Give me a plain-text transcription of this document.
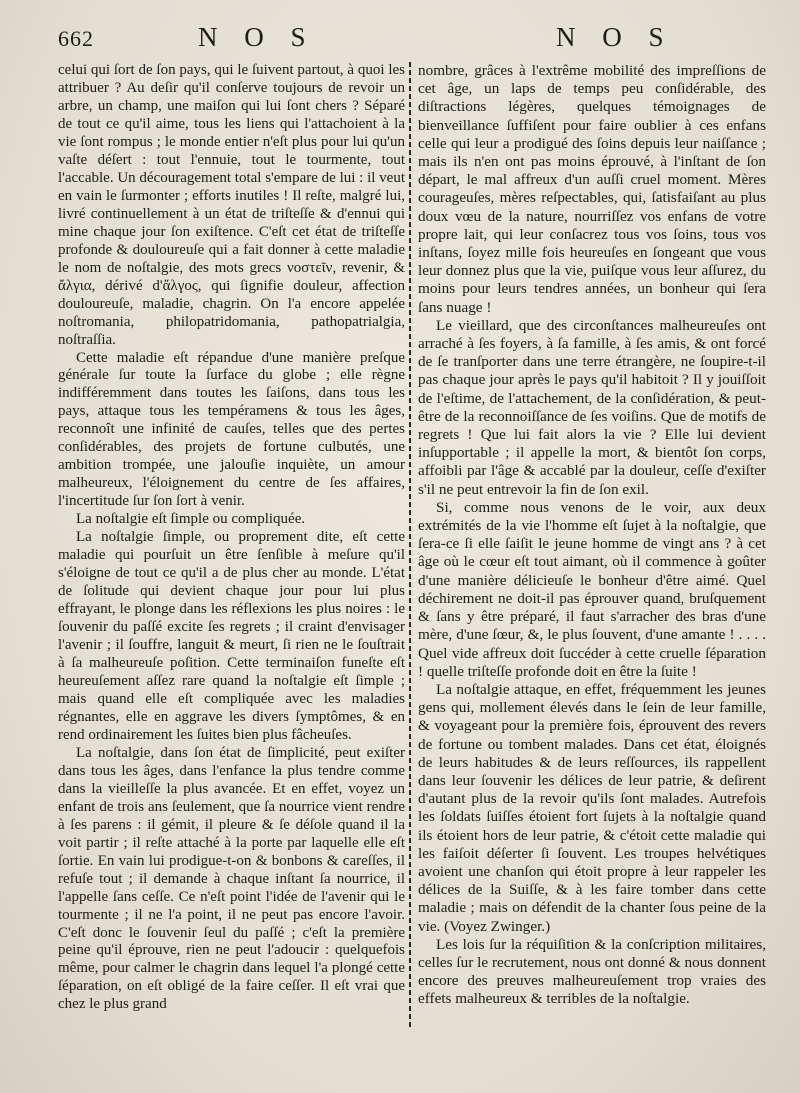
662	N O S	N O S

celui qui ſort de ſon pays, qui le ſuivent partout, à quoi les attribuer ? Au deſir qu'il conſerve toujours de revoir un arbre, un champ, une maiſon qui lui ſont chers ? Séparé de tout ce qu'il aime, tous les liens qui l'attachoient à la vie ſont rompus ; le monde entier n'eſt plus pour lui qu'un vaſte déſert : tout l'ennuie, tout le tourmente, tout l'accable. Un découragement total s'empare de lui : il veut en vain le ſurmonter ; efforts inutiles ! Il reſte, malgré lui, livré continuellement à un état de triſteſſe & d'ennui qui mine chaque jour ſon exiſtence. C'eſt cet état de triſteſſe profonde & douloureuſe qui a fait donner à cette maladie le nom de noſtalgie, des mots grecs νοστεῖν, revenir, & ἄλγια, dérivé d'ἄλγος, qui ſignifie douleur, affection douloureuſe, maladie, chagrin. On l'a encore appelée noſtromania, philopatridomania, pathopatrialgia, noſtraſſia.

Cette maladie eſt répandue d'une manière preſque générale ſur toute la ſurface du globe ; elle règne indifféremment dans toutes les ſaiſons, dans tous les pays, attaque tous les tempéramens & tous les âges, reconnoît une infinité de cauſes, telles que des pertes conſidérables, des projets de fortune culbutés, une ambition trompée, une jalouſie inquiète, un amour malheureux, l'éloignement du centre de ſes affaires, l'incertitude ſur ſon ſort à venir.

La noſtalgie eſt ſimple ou compliquée.

La noſtalgie ſimple, ou proprement dite, eſt cette maladie qui pourſuit un être ſenſible à meſure qu'il s'éloigne de tout ce qu'il a de plus cher au monde. L'état de ſolitude qui devient chaque jour pour lui plus effrayant, le plonge dans les réflexions les plus noires : le ſouvenir du paſſé excite ſes regrets ; il craint d'envisager l'avenir ; il ſouffre, languit & meurt, ſi rien ne le ſouſtrait à ſa malheureuſe poſition. Cette terminaiſon funeſte eſt heureuſement aſſez rare quand la noſtalgie eſt ſimple ; mais quand elle eſt compliquée avec les maladies régnantes, elle en aggrave les divers ſymptômes, & en rend ordinairement les ſuites bien plus fâcheuſes.

La noſtalgie, dans ſon état de ſimplicité, peut exiſter dans tous les âges, dans l'enfance la plus tendre comme dans la vieilleſſe la plus avancée. Et en effet, voyez un enfant de trois ans ſeulement, que ſa nourrice vient rendre à ſes parens : il gémit, il pleure & ſe déſole quand il la voit partir ; il reſte attaché à la porte par laquelle elle eſt ſortie. En vain lui prodigue-t-on & bonbons & careſſes, il refuſe tout ; il demande à chaque inſtant ſa nourrice, il l'appelle ſans ceſſe. Ce n'eſt point l'idée de l'avenir qui le tourmente ; il ne l'a point, il ne peut pas encore l'avoir. C'eſt donc le ſouvenir ſeul du paſſé ; c'eſt la première peine qu'il éprouve, rien ne peut l'adoucir : quelquefois même, pour calmer le chagrin dans lequel l'a plongé cette ſéparation, on eſt obligé de la faire ceſſer. Il eſt vrai que chez le plus grand

nombre, grâces à l'extrême mobilité des impreſſions de cet âge, un laps de temps peu conſidérable, des diſtractions légères, quelques témoignages de bienveillance ſuffiſent pour faire oublier à ces enfans celle qui leur a prodigué des ſoins depuis leur naiſſance ; mais ils n'en ont pas moins éprouvé, à l'inſtant de ſon départ, le mal affreux d'un auſſi cruel moment. Mères courageuſes, mères reſpectables, qui, ſatisfaiſant au plus doux vœu de la nature, nourriſſez vos enfans de votre propre lait, qui leur conſacrez tous vos ſoins, tous vos inſtans, ſoyez mille fois heureuſes en ſongeant que vous leur donnez plus que la vie, puiſque vous leur aſſurez, du moins pour leurs tendres années, un bonheur qui ſera ſans nuage !

Le vieillard, que des circonſtances malheureuſes ont arraché à ſes foyers, à ſa famille, à ſes amis, & ont forcé de ſe tranſporter dans une terre étrangère, ne ſoupire-t-il pas chaque jour après le pays qu'il habitoit ? Il y jouiſſoit de l'eſtime, de l'attachement, de la conſidération, & peut-être de la reconnoiſſance de ſes voiſins. Que de motifs de regrets ! Que lui fait alors la vie ? Elle lui devient inſupportable ; il appelle la mort, & bientôt ſon corps, affoibli par l'âge & accablé par la douleur, ceſſe d'exiſter s'il ne peut entrevoir la fin de ſon exil.

Si, comme nous venons de le voir, aux deux extrémités de la vie l'homme eſt ſujet à la noſtalgie, que ſera-ce ſi elle ſaiſit le jeune homme de vingt ans ? à cet âge où le cœur eſt tout aimant, où il commence à goûter d'une manière délicieuſe le bonheur d'être aimé. Quel déchirement ne doit-il pas éprouver quand, bruſquement & ſans y être préparé, il faut s'arracher des bras d'une mère, d'une ſœur, &, le plus ſouvent, d'une amante ! . . . . Quel vide affreux doit ſuccéder à cette cruelle ſéparation ! quelle triſteſſe profonde doit en être la ſuite !

La noſtalgie attaque, en effet, fréquemment les jeunes gens qui, mollement élevés dans le ſein de leur famille, & voyageant pour la première fois, éprouvent des revers de fortune ou tombent malades. Dans cet état, éloignés de leurs habitudes & de leurs reſſources, ils rappellent dans leur ſouvenir les délices de leur patrie, & deſirent d'autant plus de la revoir qu'ils ſont malades. Autrefois les ſoldats ſuiſſes étoient fort ſujets à la noſtalgie quand ils étoient hors de leur patrie, & c'étoit cette maladie qui les faiſoit déſerter ſi ſouvent. Les troupes helvétiques avoient une chanſon qui étoit propre à leur rappeler les délices de la Suiſſe, & à les faire tomber dans cette maladie ; mais on défendit de la chanter ſous peine de la vie. (Voyez Zwinger.)

Les lois ſur la réquiſition & la conſcription militaires, celles ſur le recrutement, nous ont donné & nous donnent encore des preuves malheureuſement trop vraies des effets malheureux & terribles de la noſtalgie.
